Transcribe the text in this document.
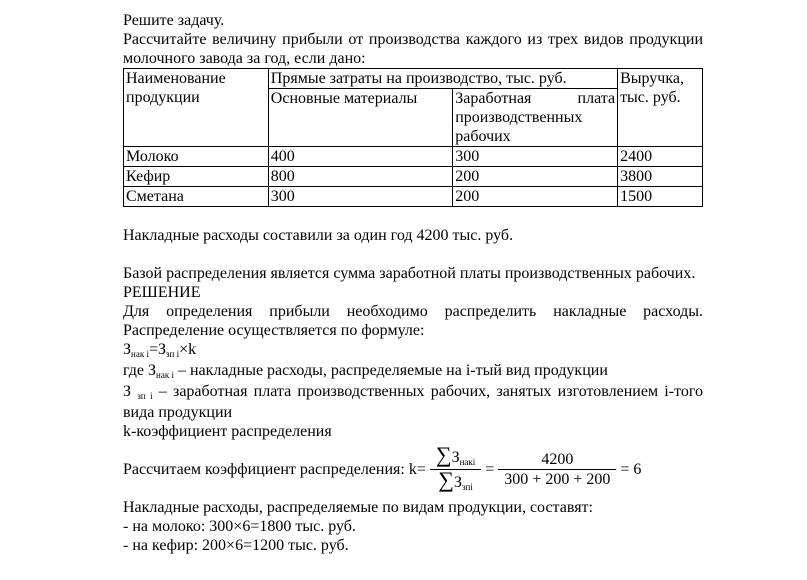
Решите задачу.

Рассчитайте величину прибыли от производства каждого из трех видов продукции молочного завода за год, если дано:

Наименование продукции	Прямые затраты на производство, тыс. руб.		Выручка, тыс. руб.
	Основные материалы	Заработная плата производственных рабочих	
Молоко	400	300	2400
Кефир	800	200	3800
Сметана	300	200	1500

Накладные расходы составили за один год 4200 тыс. руб.

Базой распределения является сумма заработной платы производственных рабочих.

РЕШЕНИЕ

Для определения прибыли необходимо распределить накладные расходы. Распределение осуществляется по формуле:

$З_{нак i}=З_{зп i}\times k$

где $З_{нак i}$ – накладные расходы, распределяемые на i-тый вид продукции

З $_{зп i}$ – заработная плата производственных рабочих, занятых изготовлением i-того вида продукции

k-коэффициент распределения

Рассчитаем коэффициент распределения: $k = \frac{\sum З_{накi}}{\sum З_{зпi}} = \frac{4200}{300 + 200 + 200} = 6$

Накладные расходы, распределяемые по видам продукции, составят:

- на молоко: 300×6=1800 тыс. руб.

- на кефир: 200×6=1200 тыс. руб.
